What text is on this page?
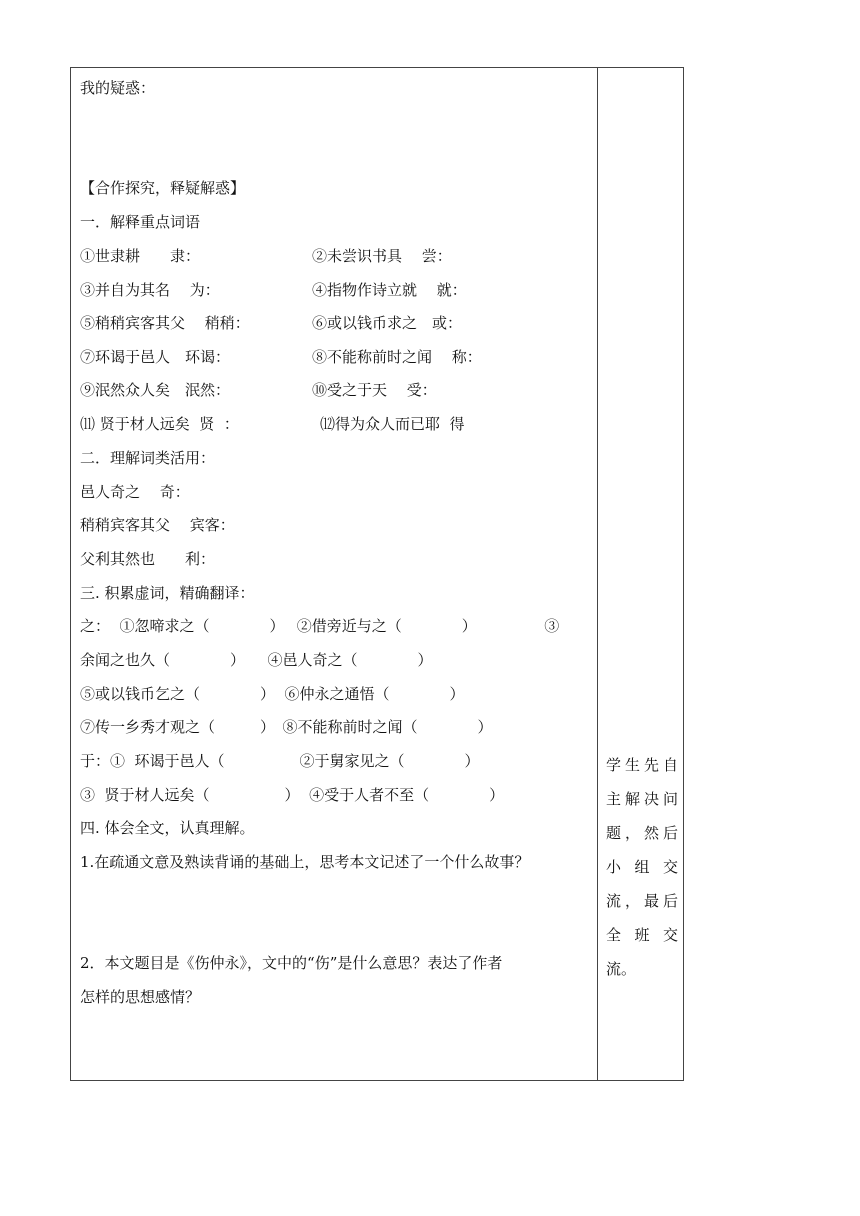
我的疑惑：
【合作探究，释疑解惑】
一．解释重点词语
①世隶耕　　隶：	②未尝识书具　 尝：
③并自为其名　 为：	④指物作诗立就　 就：
⑤稍稍宾客其父　 稍稍：	⑥或以钱币求之　或：
⑦环谒于邑人　环谒：	⑧不能称前时之闻　 称：
⑨泯然众人矣　泯然：	⑩受之于天　 受：
⑾ 贤于材人远矣  贤  ：	⑿得为众人而已耶  得
二．理解词类活用：
邑人奇之　 奇：
稍稍宾客其父　 宾客：
父利其然也　　利：
三. 积累虚词，精确翻译：
之：  ①忽啼求之（　　　　）　 ②借旁近与之（　　　　）　　　　　③
余闻之也久（　　　　）　　④邑人奇之（　　　　）
⑤或以钱币乞之（　　　　）  ⑥仲永之通悟（　　　　）
⑦传一乡秀才观之（　　　）　⑧不能称前时之闻（　　　　）
于：①  环谒于邑人（　　　　　②于舅家见之（　　　　）
③  贤于材人远矣（　　　　　）  ④受于人者不至（　　　　）
四. 体会全文，认真理解。
1.在疏通文意及熟读背诵的基础上，思考本文记述了一个什么故事？
2．本文题目是《伤仲永》，文中的“伤”是什么意思？表达了作者
怎样的思想感情？
学生先自
主解决问
题，然后
小 组 交
流，最后
全 班 交
流。
